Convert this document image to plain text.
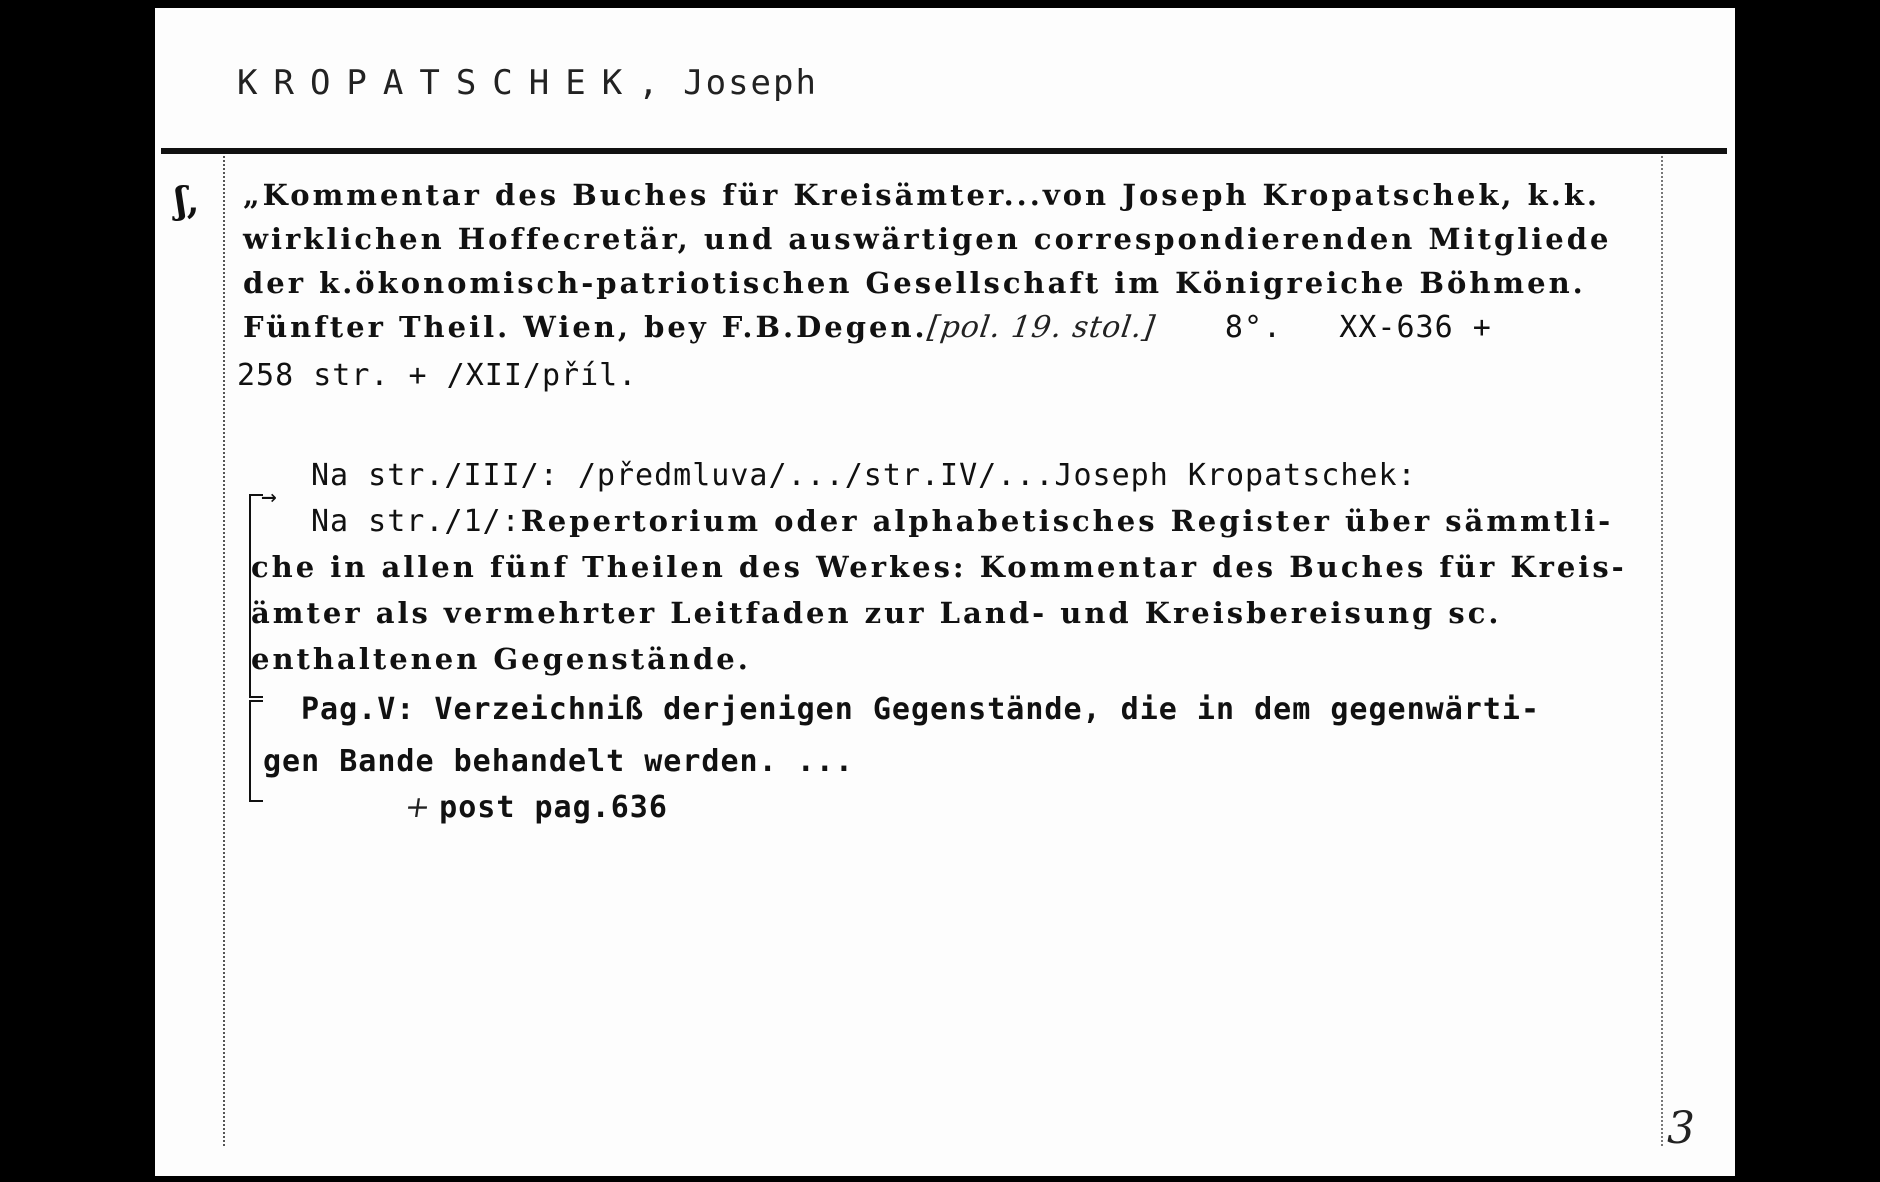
KROPATSCHEK, Joseph
ʃ, „Kommentar des Buches für Kreisämter...von Joseph Kropatschek, k.k.
wirklichen Hoffecretär, und auswärtigen correspondierenden Mitgliede
der k.ökonomisch-patriotischen Gesellschaft im Königreiche Böhmen.
Fünfter Theil. Wien, bey F.B.Degen.[pol. 19. stol.] 8°.   XX-636 +
258 str. + /XII/příl.
Na str./III/: /předmluva/.../str.IV/...Joseph Kropatschek:
→
Na str./1/:Repertorium oder alphabetisches Register über sämmtli-
che in allen fünf Theilen des Werkes: Kommentar des Buches für Kreis-
ämter als vermehrter Leitfaden zur Land- und Kreisbereisung sc.
enthaltenen Gegenstände.
Pag.V: Verzeichniß derjenigen Gegenstände, die in dem gegenwärti-
gen Bande behandelt werden. ...
+ post pag.636
3
